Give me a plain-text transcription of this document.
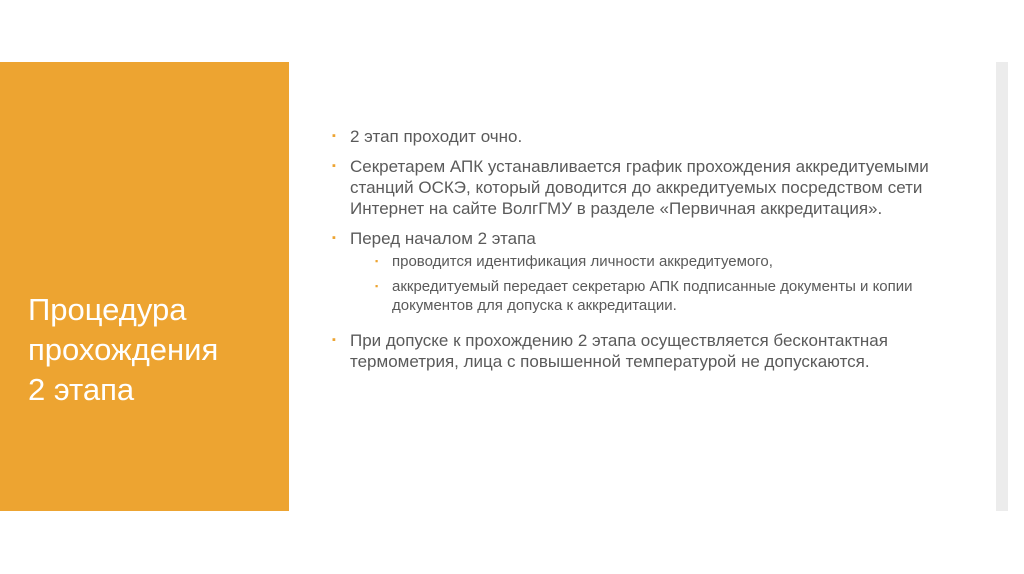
Процедура
прохождения
2 этапа
▪ 2 этап проходит очно.
▪ Секретарем АПК устанавливается график прохождения аккредитуемыми станций ОСКЭ, который доводится до аккредитуемых посредством сети Интернет на сайте ВолгГМУ в разделе «Первичная аккредитация».
▪ Перед началом 2 этапа
▪ проводится идентификация личности аккредитуемого,
▪ аккредитуемый передает секретарю АПК подписанные документы и копии документов для допуска к аккредитации.
▪ При допуске к прохождению 2 этапа осуществляется бесконтактная термометрия, лица с повышенной температурой не допускаются.
